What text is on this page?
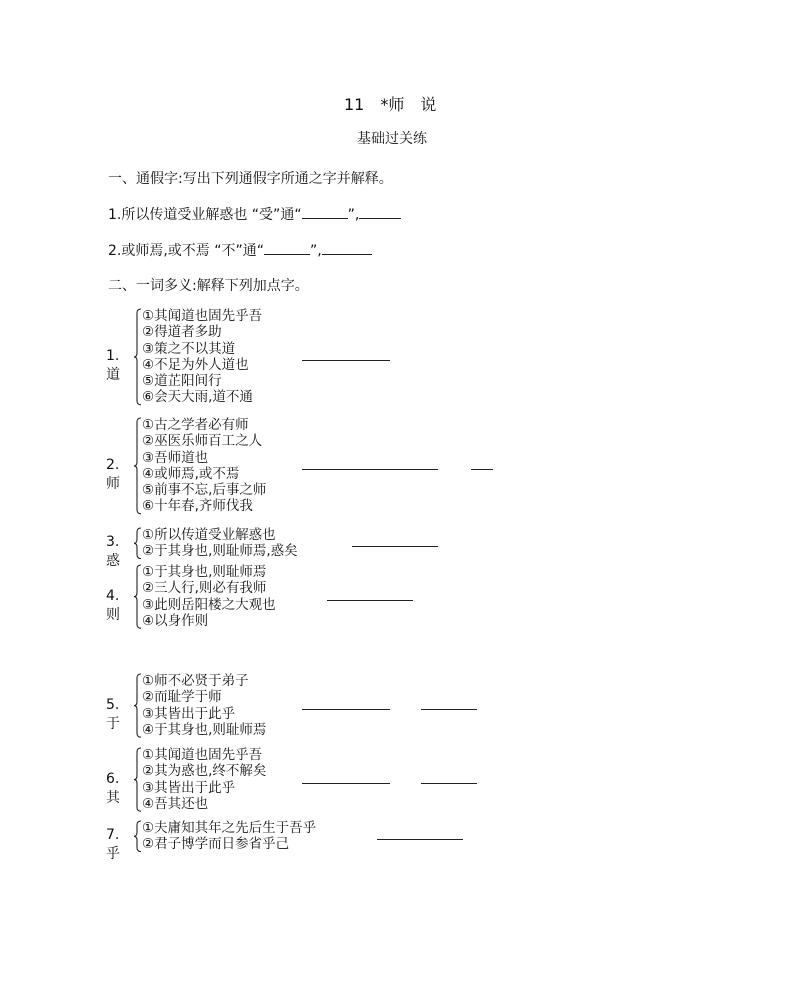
11　*师　说
基础过关练
一、通假字:写出下列通假字所通之字并解释。
1.所以传道受业解惑也 “受”通“	”,
2.或师焉,或不焉 “不”通“	”,
二、一词多义:解释下列加点字。
1.道
①其闻道也固先乎吾
②得道者多助
③策之不以其道
④不足为外人道也
⑤道芷阳间行
⑥会天大雨,道不通
2.师
①古之学者必有师
②巫医乐师百工之人
③吾师道也
④或师焉,或不焉
⑤前事不忘,后事之师
⑥十年春,齐师伐我
3.惑
①所以传道受业解惑也
②于其身也,则耻师焉,惑矣
4.则
①于其身也,则耻师焉
②三人行,则必有我师
③此则岳阳楼之大观也
④以身作则
5.于
①师不必贤于弟子
②而耻学于师
③其皆出于此乎
④于其身也,则耻师焉
6.其
①其闻道也固先乎吾
②其为惑也,终不解矣
③其皆出于此乎
④吾其还也
7.乎
①夫庸知其年之先后生于吾乎
②君子博学而日参省乎己
